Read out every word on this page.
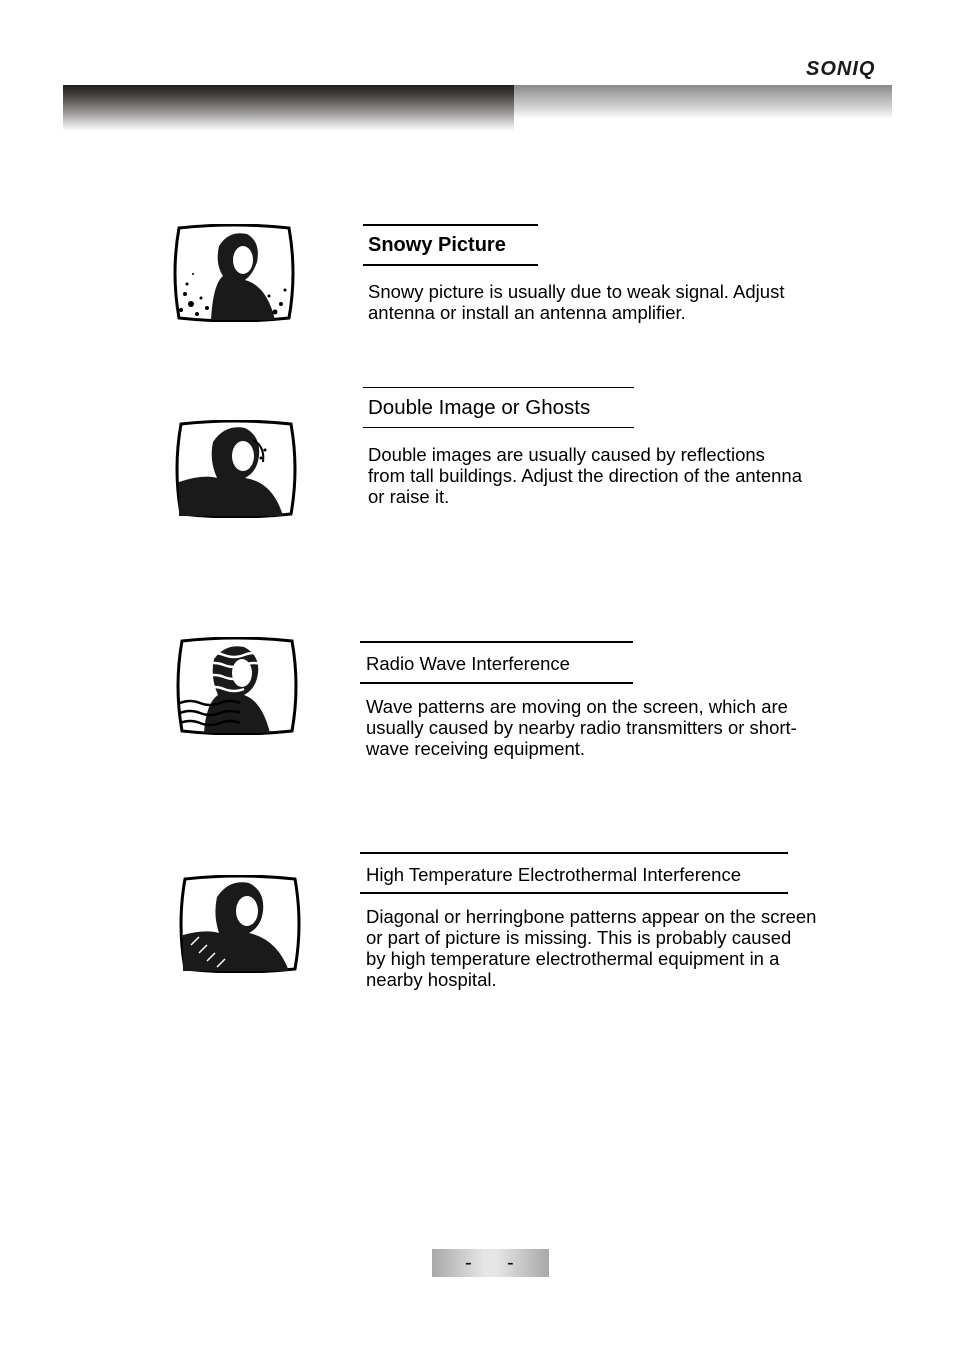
SONIQ
Snowy Picture
Snowy picture is usually due to weak signal. Adjust
antenna or install an antenna amplifier.
Double Image or Ghosts
Double images are usually caused by reflections
from tall buildings. Adjust the direction of the antenna
or raise it.
Radio Wave Interference
Wave patterns are moving on the screen, which are
usually caused by nearby radio transmitters or short-
wave receiving equipment.
High Temperature Electrothermal Interference
Diagonal or herringbone patterns appear on the screen
or part of picture is missing. This is probably caused
by high temperature electrothermal equipment in a
nearby hospital.
- -
